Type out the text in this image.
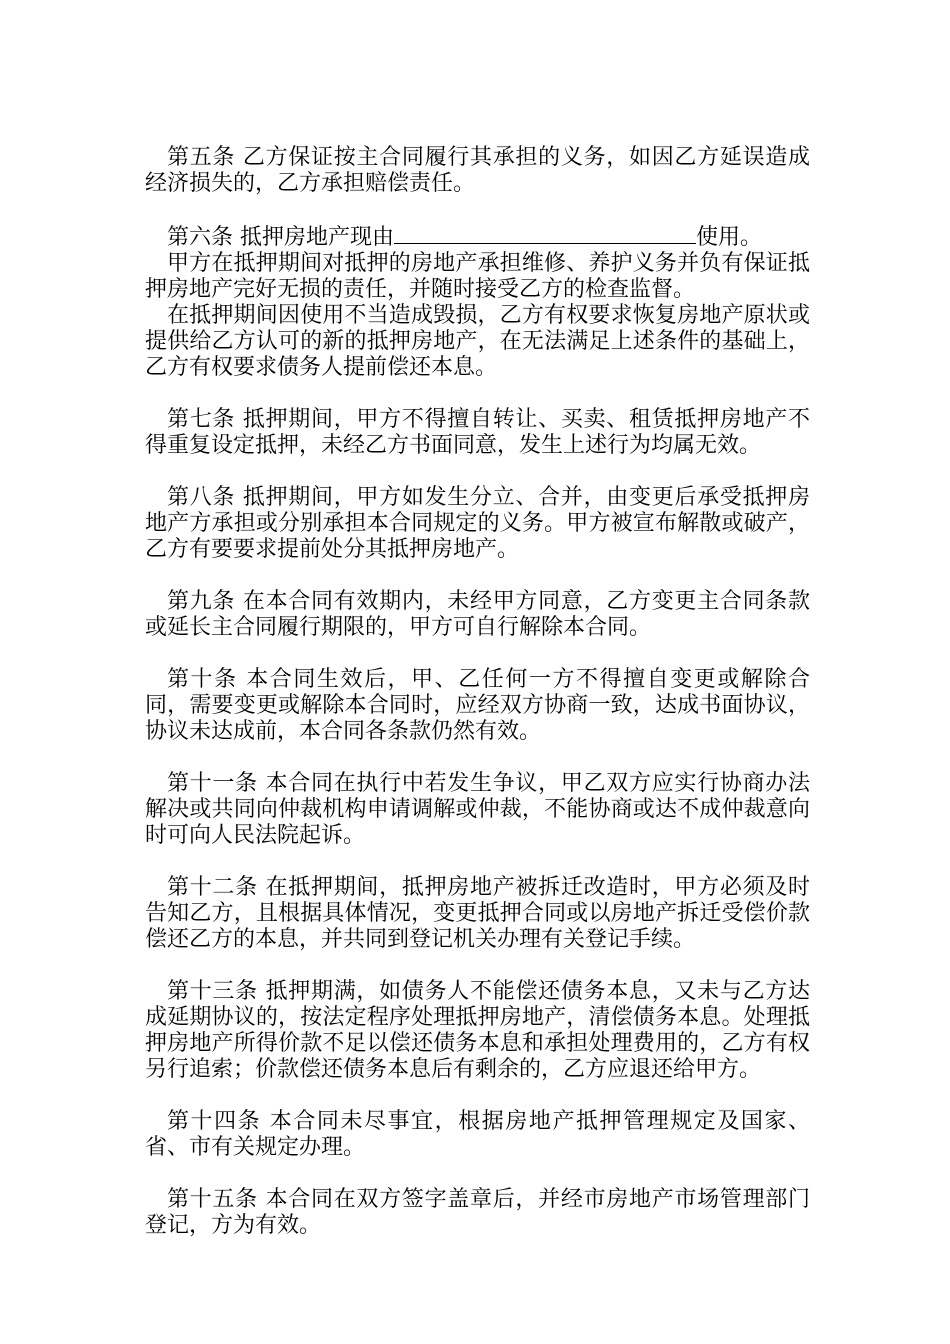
第五条 乙方保证按主合同履行其承担的义务，如因乙方延误造成经济损失的，乙方承担赔偿责任。

第六条 抵押房地产现由	使用。

甲方在抵押期间对抵押的房地产承担维修、养护义务并负有保证抵押房地产完好无损的责任，并随时接受乙方的检查监督。

在抵押期间因使用不当造成毁损，乙方有权要求恢复房地产原状或提供给乙方认可的新的抵押房地产，在无法满足上述条件的基础上，乙方有权要求债务人提前偿还本息。

第七条 抵押期间，甲方不得擅自转让、买卖、租赁抵押房地产不得重复设定抵押，未经乙方书面同意，发生上述行为均属无效。

第八条 抵押期间，甲方如发生分立、合并，由变更后承受抵押房地产方承担或分别承担本合同规定的义务。甲方被宣布解散或破产，乙方有要要求提前处分其抵押房地产。

第九条 在本合同有效期内，未经甲方同意，乙方变更主合同条款或延长主合同履行期限的，甲方可自行解除本合同。

第十条 本合同生效后，甲、乙任何一方不得擅自变更或解除合同，需要变更或解除本合同时，应经双方协商一致，达成书面协议，协议未达成前，本合同各条款仍然有效。

第十一条 本合同在执行中若发生争议，甲乙双方应实行协商办法解决或共同向仲裁机构申请调解或仲裁，不能协商或达不成仲裁意向时可向人民法院起诉。

第十二条 在抵押期间，抵押房地产被拆迁改造时，甲方必须及时告知乙方，且根据具体情况，变更抵押合同或以房地产拆迁受偿价款偿还乙方的本息，并共同到登记机关办理有关登记手续。

第十三条 抵押期满，如债务人不能偿还债务本息，又未与乙方达成延期协议的，按法定程序处理抵押房地产，清偿债务本息。处理抵押房地产所得价款不足以偿还债务本息和承担处理费用的，乙方有权另行追索；价款偿还债务本息后有剩余的，乙方应退还给甲方。

第十四条 本合同未尽事宜，根据房地产抵押管理规定及国家、省、市有关规定办理。

第十五条 本合同在双方签字盖章后，并经市房地产市场管理部门登记，方为有效。
